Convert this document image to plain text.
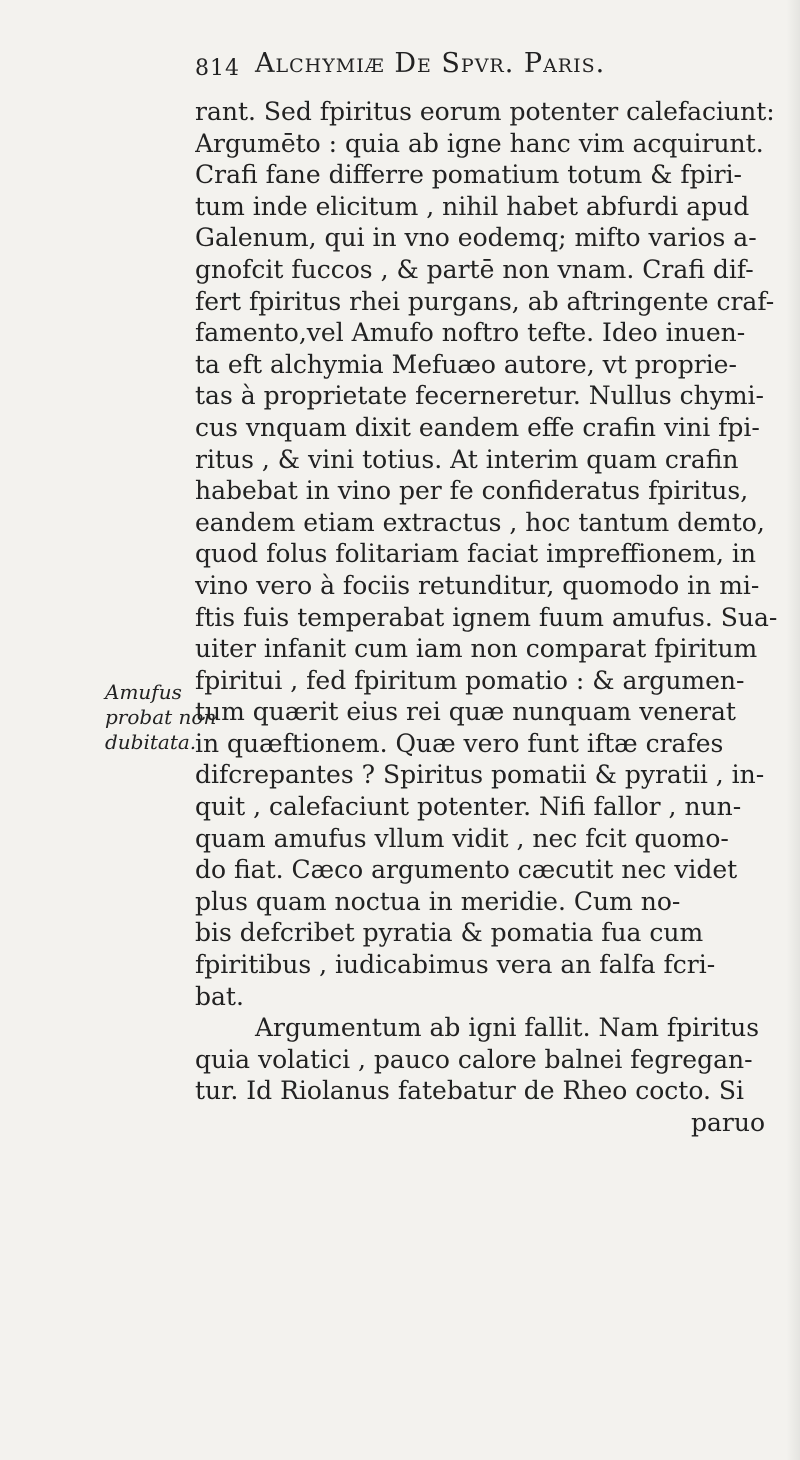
814 Alchymiæ De Spvr. Paris.
Amufus
probat non
dubitata.
rant. Sed fpiritus eorum potenter calefaciunt:
Argumēto : quia ab igne hanc vim acquirunt.
Crafi fane differre pomatium totum & fpiri-
tum inde elicitum , nihil habet abfurdi apud
Galenum, qui in vno eodemq; mifto varios a-
gnofcit fuccos , & partē non vnam. Crafi dif-
fert fpiritus rhei purgans, ab aftringente craf-
famento,vel Amufo noftro tefte. Ideo inuen-
ta eft alchymia Mefuæo autore, vt proprie-
tas à proprietate fecerneretur. Nullus chymi-
cus vnquam dixit eandem effe crafin vini fpi-
ritus , & vini totius. At interim quam crafin
habebat in vino per fe confideratus fpiritus,
eandem etiam extractus , hoc tantum demto,
quod folus folitariam faciat impreffionem, in
vino vero à fociis retunditur, quomodo in mi-
ftis fuis temperabat ignem fuum amufus. Sua-
uiter infanit cum iam non comparat fpiritum
fpiritui , fed fpiritum pomatio : & argumen-
tum quærit eius rei quæ nunquam venerat
in quæftionem. Quæ vero funt iftæ crafes
difcrepantes ? Spiritus pomatii & pyratii , in-
quit , calefaciunt potenter. Nifi fallor , nun-
quam amufus vllum vidit , nec fcit quomo-
do fiat. Cæco argumento cæcutit nec videt
plus quam noctua in meridie. Cum no-
bis defcribet pyratia & pomatia fua cum
fpiritibus , iudicabimus vera an falfa fcri-
bat.
Argumentum ab igni fallit. Nam fpiritus
quia volatici , pauco calore balnei fegregan-
tur. Id Riolanus fatebatur de Rheo cocto. Si
paruo
